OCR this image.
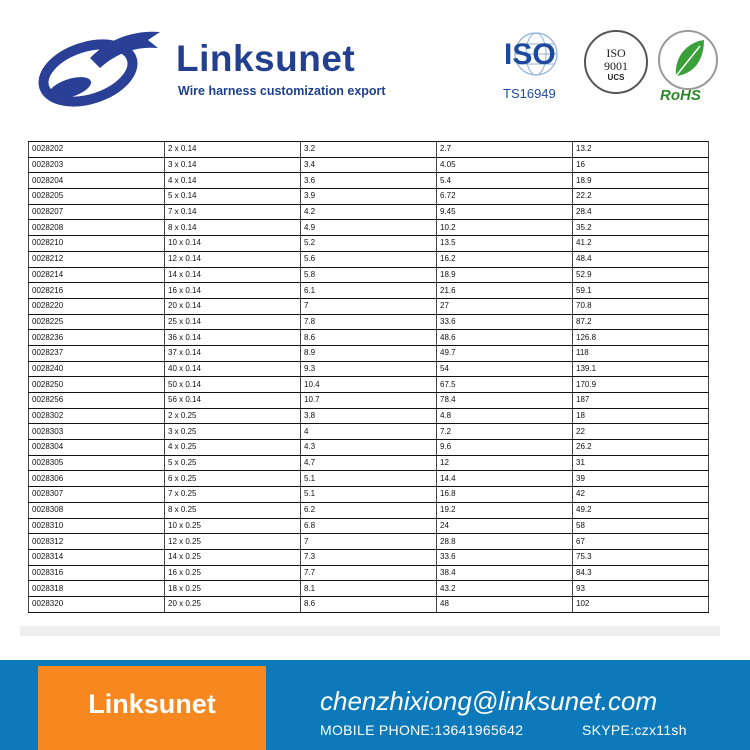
Linksunet
Wire harness customization export
ISO
TS16949
ISO
9001
UCS
RoHS
0028202	2 x 0.14	3.2	2.7	13.2
0028203	3 x 0.14	3.4	4.05	16
0028204	4 x 0.14	3.6	5.4	18.9
0028205	5 x 0.14	3.9	6.72	22.2
0028207	7 x 0.14	4.2	9.45	28.4
0028208	8 x 0.14	4.9	10.2	35.2
0028210	10 x 0.14	5.2	13.5	41.2
0028212	12 x 0.14	5.6	16.2	48.4
0028214	14 x 0.14	5.8	18.9	52.9
0028216	16 x 0.14	6.1	21.6	59.1
0028220	20 x 0.14	7	27	70.8
0028225	25 x 0.14	7.8	33.6	87.2
0028236	36 x 0.14	8.6	48.6	126.8
0028237	37 x 0.14	8.9	49.7	118
0028240	40 x 0.14	9.3	54	139.1
0028250	50 x 0.14	10.4	67.5	170.9
0028256	56 x 0.14	10.7	78.4	187
0028302	2 x 0.25	3.8	4.8	18
0028303	3 x 0.25	4	7.2	22
0028304	4 x 0.25	4.3	9.6	26.2
0028305	5 x 0.25	4.7	12	31
0028306	6 x 0.25	5.1	14.4	39
0028307	7 x 0.25	5.1	16.8	42
0028308	8 x 0.25	6.2	19.2	49.2
0028310	10 x 0.25	6.8	24	58
0028312	12 x 0.25	7	28.8	67
0028314	14 x 0.25	7.3	33.6	75.3
0028316	16 x 0.25	7.7	38.4	84.3
0028318	18 x 0.25	8.1	43.2	93
0028320	20 x 0.25	8.6	48	102
Linksunet	chenzhixiong@linksunet.com
MOBILE PHONE:13641965642	SKYPE:czx11sh
